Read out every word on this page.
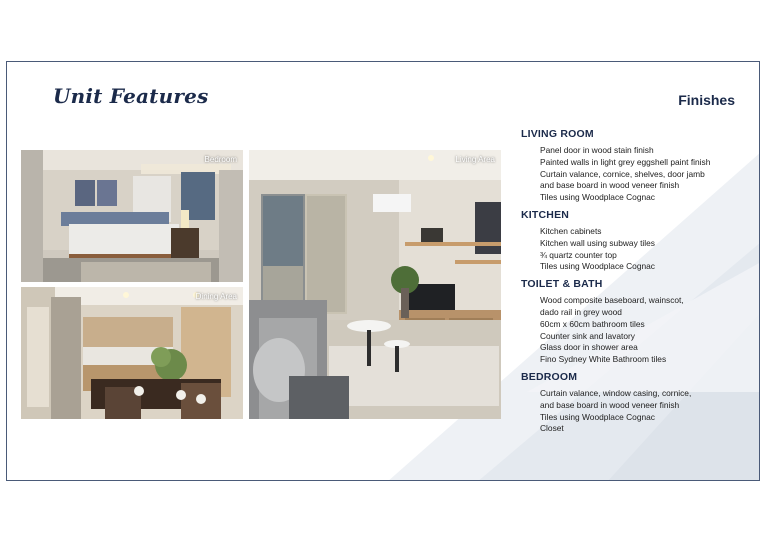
Unit Features	Finishes
Bedroom
Dining Area
Living Area
LIVING ROOM
Panel door in wood stain finish
Painted walls in light grey eggshell paint finish
Curtain valance, cornice, shelves, door jamb
and base board in wood veneer finish
Tiles using Woodplace Cognac
KITCHEN
Kitchen cabinets
Kitchen wall using subway tiles
¾ quartz counter top
Tiles using Woodplace Cognac
TOILET & BATH
Wood composite baseboard, wainscot,
dado rail in grey wood
60cm x 60cm bathroom tiles
Counter sink and lavatory
Glass door in shower area
Fino Sydney White Bathroom tiles
BEDROOM
Curtain valance, window casing, cornice,
and base board in wood veneer finish
Tiles using Woodplace Cognac
Closet
